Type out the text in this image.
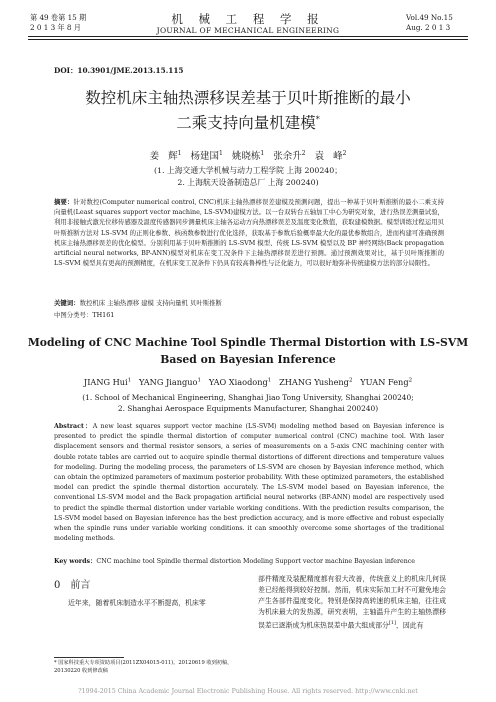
第 49 卷第 15 期
2 0 1 3 年 8 月
机 械 工 程 学 报
JOURNAL OF MECHANICAL ENGINEERING
Vol.49 No.15
Aug. 2 0 1 3
DOI：10.3901/JME.2013.15.115
数控机床主轴热漂移误差基于贝叶斯推断的最小
二乘支持向量机建模*
姜 辉$^1$ 杨建国$^1$ 姚晓栋$^1$ 张余升$^2$ 袁 峰$^2$
(1. 上海交通大学机械与动力工程学院 上海 200240；
2. 上海航天设备制造总厂 上海 200240)
摘要：针对数控(Computer numerical control, CNC)机床主轴热漂移误差建模及预测问题，提出一种基于贝叶斯推断的最小二乘支持向量机(Least squares support vector machine, LS-SVM)建模方法。以一台双转台五轴加工中心为研究对象，进行热误差测量试验，利用非接触式激光位移传感器及温度传感器同步测量机床主轴各运动方向热漂移误差及温度变化数值，获取建模数据。模型训练过程运用贝叶斯推断方法对 LS-SVM 的正则化参数、核函数参数进行优化选择，获取基于参数后验概率最大化的最优参数组合，进而构建可准确预测机床主轴热漂移误差的优化模型。分别利用基于贝叶斯推断的 LS-SVM 模型、传统 LS-SVM 模型以及 BP 神经网络(Back propagation artificial neural networks, BP-ANN)模型对机床在变工况条件下主轴热漂移误差进行预测。通过预测效果对比，基于贝叶斯推断的 LS-SVM 模型具有更高的预测精度，在机床变工况条件下仍具有较高鲁棒性与泛化能力，可以很好地弥补传统建模方法的部分局限性。
关键词：数控机床 主轴热漂移 建模 支持向量机 贝叶斯推断
中图分类号：TH161
Modeling of CNC Machine Tool Spindle Thermal Distortion with LS-SVM
Based on Bayesian Inference
JIANG Hui$^1$ YANG Jianguo$^1$ YAO Xiaodong$^1$ ZHANG Yusheng$^2$ YUAN Feng$^2$
(1. School of Mechanical Engineering, Shanghai Jiao Tong University, Shanghai 200240;
2. Shanghai Aerospace Equipments Manufacturer, Shanghai 200240)
Abstract：A new least squares support vector machine (LS-SVM) modeling method based on Bayesian inference is presented to predict the spindle thermal distortion of computer numerical control (CNC) machine tool. With laser displacement sensors and thermal resistor sensors, a series of measurements on a 5-axis CNC machining center with double rotate tables are carried out to acquire spindle thermal distortions of different directions and temperature values for modeling. During the modeling process, the parameters of LS-SVM are chosen by Bayesian inference method, which can obtain the optimized parameters of maximum posterior probability. With these optimized parameters, the established model can predict the spindle thermal distortion accurately. The LS-SVM model based on Bayesian inference, the conventional LS-SVM model and the Back propagation artificial neural networks (BP-ANN) model are respectively used to predict the spindle thermal distortion under variable working conditions. With the prediction results comparison, the LS-SVM model based on Bayesian inference has the best prediction accuracy, and is more effective and robust especially when the spindle runs under variable working conditions. it can smoothly overcome some shortages of the traditional modeling methods.
Key words：CNC machine tool Spindle thermal distortion Modeling Support vector machine Bayesian inference
0 前言
近年来，随着机床制造水平不断提高，机床零
* 国家科技重大专项资助项目(2011ZX04015-011)。20120619 收到初稿，20130220 收到修改稿
部件精度及装配精度都有很大改善，传统意义上的机床几何误差已经能得到较好控制。然而，机床实际加工时不可避免地会产生各部件温度变化，特别是保持高转速的机床主轴，往往成为机床最大的发热源，研究表明，主轴温升产生的主轴热漂移误差已逐渐成为机床热误差中最大组成部分[1]，因此有
?1994-2015 China Academic Journal Electronic Publishing House. All rights reserved. http://www.cnki.net
